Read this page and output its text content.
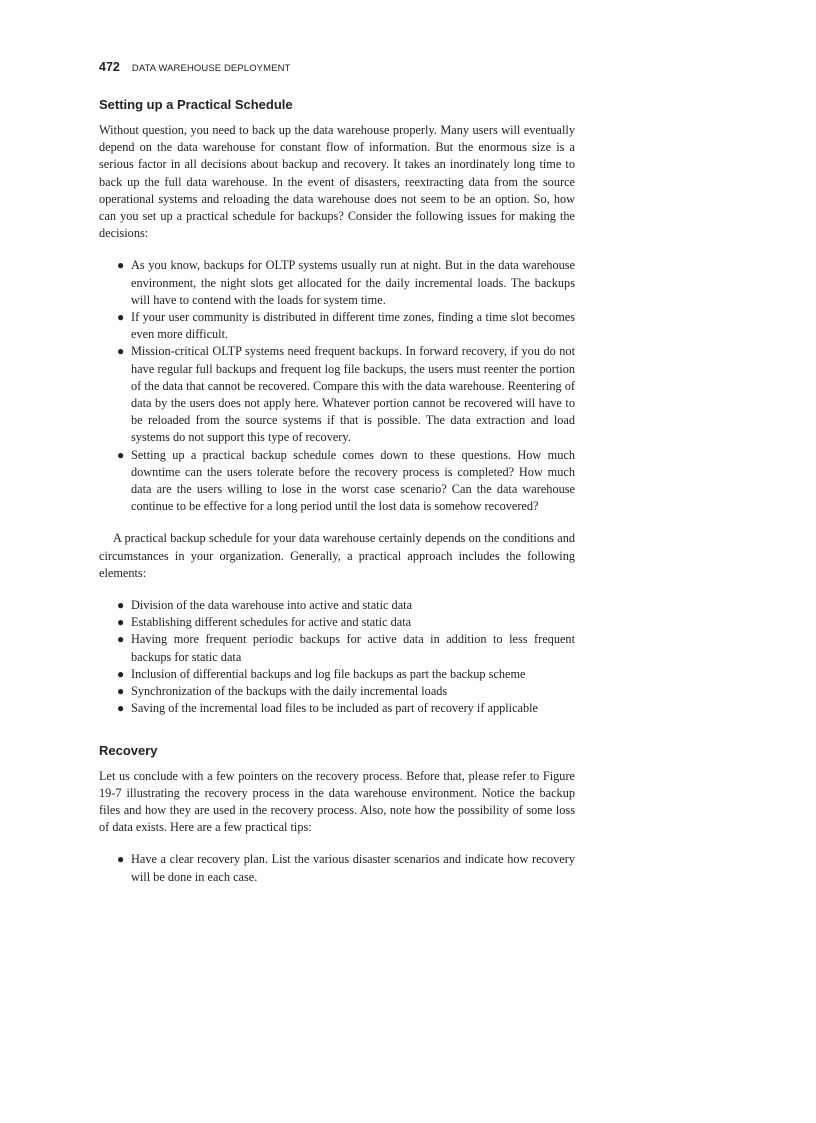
472 DATA WAREHOUSE DEPLOYMENT
Setting up a Practical Schedule

Without question, you need to back up the data warehouse properly. Many users will eventually depend on the data warehouse for constant flow of information. But the enormous size is a serious factor in all decisions about backup and recovery. It takes an inordinately long time to back up the full data warehouse. In the event of disasters, reextracting data from the source operational systems and reloading the data warehouse does not seem to be an option. So, how can you set up a practical schedule for backups? Consider the following issues for making the decisions:

● As you know, backups for OLTP systems usually run at night. But in the data warehouse environment, the night slots get allocated for the daily incremental loads. The backups will have to contend with the loads for system time.
● If your user community is distributed in different time zones, finding a time slot becomes even more difficult.
● Mission-critical OLTP systems need frequent backups. In forward recovery, if you do not have regular full backups and frequent log file backups, the users must reenter the portion of the data that cannot be recovered. Compare this with the data warehouse. Reentering of data by the users does not apply here. Whatever portion cannot be recovered will have to be reloaded from the source systems if that is possible. The data extraction and load systems do not support this type of recovery.
● Setting up a practical backup schedule comes down to these questions. How much downtime can the users tolerate before the recovery process is completed? How much data are the users willing to lose in the worst case scenario? Can the data warehouse continue to be effective for a long period until the lost data is somehow recovered?

A practical backup schedule for your data warehouse certainly depends on the conditions and circumstances in your organization. Generally, a practical approach includes the following elements:

● Division of the data warehouse into active and static data
● Establishing different schedules for active and static data
● Having more frequent periodic backups for active data in addition to less frequent backups for static data
● Inclusion of differential backups and log file backups as part the backup scheme
● Synchronization of the backups with the daily incremental loads
● Saving of the incremental load files to be included as part of recovery if applicable
Recovery

Let us conclude with a few pointers on the recovery process. Before that, please refer to Figure 19-7 illustrating the recovery process in the data warehouse environment. Notice the backup files and how they are used in the recovery process. Also, note how the possibility of some loss of data exists. Here are a few practical tips:

● Have a clear recovery plan. List the various disaster scenarios and indicate how recovery will be done in each case.
